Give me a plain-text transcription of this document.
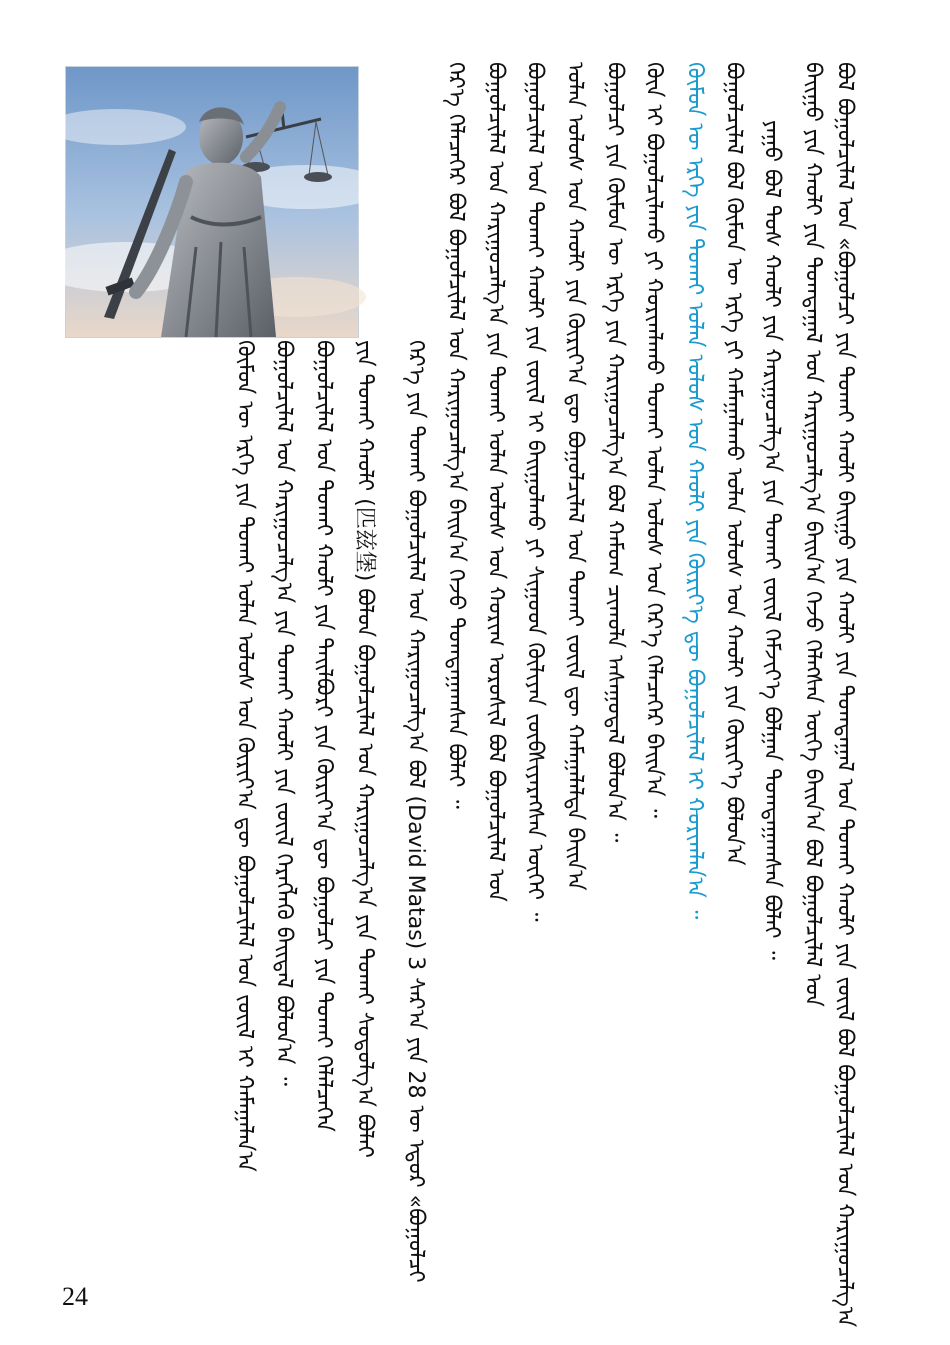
ᠪᠣᠯ ᠪᠣᠭᠣᠯᠴᠢᠯᠠᠯ ᠤᠨ «ᠪᠣᠭᠣᠯᠴᠢ ᠶᠢᠨ ᠲᠤᠬᠠᠢ ᠬᠠᠤᠯᠢ ᠪᠠᠢᠭᠤ ᠶᠢᠨ ᠬᠠᠤᠯᠢ ᠶᠢᠨ ᠲᠣᠭᠲᠠᠭᠠᠯ ᠤᠨ ᠲᠤᠬᠠᠢ ᠬᠠᠤᠯᠢ ᠶᠢᠨ ᠵᠦᠢᠯ ᠪᠣᠯ ᠪᠣᠭᠣᠯᠴᠢᠯᠠᠯ ᠤᠨ ᠬᠠᠷᠢᠭᠤᠴᠠᠯᠭ᠎ᠠ
ᠪᠠᠢᠭᠤ ᠶᠢᠨ ᠬᠠᠤᠯᠢ ᠶᠢᠨ ᠲᠣᠭᠲᠠᠭᠠᠯ ᠤᠨ ᠬᠠᠷᠢᠭᠤᠴᠠᠯᠭ᠎ᠠ ᠪᠠᠢᠨ᠎ᠠ ᠭᠡᠵᠦ ᠬᠡᠯᠡᠭᠰᠡᠨ ᠦᠭᠡ ᠪᠠᠢᠨ᠎ᠠ ᠪᠣᠯ ᠪᠣᠭᠣᠯᠴᠢᠯᠠᠯ ᠤᠨ
ᠶᠠᠭᠤ ᠪᠣᠯ ᠲᠤᠰ ᠬᠠᠤᠯᠢ ᠶᠢᠨ ᠬᠠᠷᠢᠭᠤᠴᠠᠯᠭ᠎ᠠ ᠶᠢᠨ ᠲᠤᠬᠠᠢ ᠵᠦᠢᠯ ᠬᠡᠮᠵᠢᠶ᠎ᠡ ᠪᠣᠯᠭᠠᠨ ᠲᠣᠭᠲᠠᠭᠠᠭᠰᠠᠨ ᠪᠣᠯᠠᠢ ᠃
ᠪᠣᠭᠣᠯᠴᠢᠯᠠᠯ ᠪᠣᠯ ᠬᠦᠮᠦᠨ ᠦ ᠡᠷᠬᠡ ᠶᠢ ᠬᠠᠮᠠᠭᠠᠯᠠᠬᠤ ᠣᠯᠠᠨ ᠤᠯᠤᠰ ᠤᠨ ᠬᠠᠤᠯᠢ ᠶᠢᠨ ᠬᠦᠷᠢᠶ᠎ᠡ ᠪᠣᠯᠤᠨ᠎ᠠ
ᠬᠦᠮᠦᠨ ᠦ ᠡᠷᠬᠡ ᠶᠢᠨ ᠲᠤᠬᠠᠢ ᠣᠯᠠᠨ ᠤᠯᠤᠰ ᠤᠨ ᠬᠠᠤᠯᠢ ᠶᠢᠨ ᠬᠦᠷᠢᠶ᠎ᠡ ᠳᠦ ᠪᠣᠭᠣᠯᠴᠢᠯᠠᠯ ᠢ ᠬᠣᠷᠢᠭᠯᠠᠨ᠎ᠠ ᠃
ᠬᠦᠨ ᠢ ᠪᠣᠭᠣᠯᠴᠢᠯᠠᠬᠤ ᠶᠢ ᠬᠣᠷᠢᠭᠯᠠᠬᠤ ᠲᠤᠬᠠᠢ ᠣᠯᠠᠨ ᠤᠯᠤᠰ ᠤᠨ ᠭᠡᠷ᠎ᠡ ᠬᠡᠯᠡᠴᠡᠭᠡᠷ ᠪᠠᠢᠨ᠎ᠠ ᠃
ᠪᠣᠭᠣᠯᠴᠢ ᠶᠢᠨ ᠬᠦᠮᠦᠨ ᠦ ᠡᠷᠬᠡ ᠶᠢᠨ ᠬᠠᠷᠢᠭᠤᠴᠠᠯᠭ᠎ᠠ ᠪᠣᠯ ᠬᠠᠮᠤᠭ ᠴᠢᠬᠤᠯᠠ ᠠᠰᠠᠭᠤᠳᠠᠯ ᠪᠣᠯᠤᠨ᠎ᠠ ᠃
ᠣᠯᠠᠨ ᠤᠯᠤᠰ ᠤᠨ ᠬᠠᠤᠯᠢ ᠶᠢᠨ ᠬᠦᠷᠢᠶ᠎ᠡᠨ ᠳᠦ ᠪᠣᠭᠣᠯᠴᠢᠯᠠᠯ ᠤᠨ ᠲᠤᠬᠠᠢ ᠵᠦᠢᠯ ᠳᠦ ᠬᠠᠮᠠᠭᠠᠯᠠᠯᠲᠠ ᠪᠠᠢᠨ᠎ᠠ
ᠪᠣᠭᠣᠯᠴᠢᠯᠠᠯ ᠤᠨ ᠲᠤᠬᠠᠢ ᠬᠠᠤᠯᠢ ᠶᠢᠨ ᠵᠦᠢᠯ ᠢ ᠪᠠᠢᠭᠤᠯᠬᠤ ᠶᠢ ᠰᠢᠭᠤᠳ ᠬᠦᠯᠢᠶᠡᠨ ᠵᠥᠪᠰᠢᠶᠡᠷᠡᠭᠰᠡᠨ ᠦᠭᠡᠢ ᠃
ᠪᠣᠭᠣᠯᠴᠢᠯᠠᠯ ᠤᠨ ᠬᠠᠷᠢᠭᠤᠴᠠᠯᠭ᠎ᠠ ᠶᠢᠨ ᠲᠤᠬᠠᠢ ᠣᠯᠠᠨ ᠤᠯᠤᠰ ᠤᠨ ᠬᠣᠷᠢᠭ ᠣᠷᠣᠰᠢᠯ ᠪᠣᠯ ᠪᠣᠭᠣᠯᠴᠢᠯᠠᠯ ᠤᠨ
ᠭᠡᠷ᠎ᠡ ᠬᠡᠯᠡᠴᠡᠭᠡᠷ ᠪᠣᠯ ᠪᠣᠭᠣᠯᠴᠢᠯᠠᠯ ᠤᠨ ᠬᠠᠷᠢᠭᠤᠴᠠᠯᠭ᠎ᠠ ᠪᠠᠢᠨ᠎ᠠ ᠭᠡᠵᠦ ᠲᠣᠭᠲᠠᠭᠠᠭᠰᠠᠨ ᠪᠣᠯᠠᠢ ᠃
ᠭᠡᠷ᠎ᠡ ᠶᠢᠨ ᠲᠤᠬᠠᠢ ᠪᠣᠭᠣᠯᠴᠢᠯᠠᠯ ᠤᠨ ᠬᠠᠷᠢᠭᠤᠴᠠᠯᠭ᠎ᠠ ᠪᠣᠯ (David Matas) 3 ᠰᠠᠷ᠎ᠠ ᠶᠢᠨ 28 ᠦ ᠡᠳᠦᠷ «ᠪᠣᠭᠣᠯᠴᠢ
ᠶᠢᠨ ᠲᠤᠬᠠᠢ ᠬᠠᠤᠯᠢ (匹兹堡) ᠪᠣᠯᠤᠨ ᠪᠣᠭᠣᠯᠴᠢᠯᠠᠯ ᠤᠨ ᠬᠠᠷᠢᠭᠤᠴᠠᠯᠭ᠎ᠠ ᠶᠢᠨ ᠲᠤᠬᠠᠢ ᠰᠤᠳᠤᠯᠭ᠎ᠠ ᠪᠣᠯᠠᠢ
ᠪᠣᠭᠣᠯᠴᠢᠯᠠᠯ ᠤᠨ ᠲᠤᠬᠠᠢ ᠬᠠᠤᠯᠢ ᠶᠢᠨ ᠲᠠᠢᠯᠪᠤᠷᠢ ᠶᠢᠨ ᠬᠦᠷᠢᠶ᠎ᠡᠨ ᠳᠦ ᠪᠣᠭᠣᠯᠴᠢ ᠶᠢᠨ ᠲᠤᠬᠠᠢ ᠬᠡᠯᠡᠯᠴᠡᠭᠡᠨ
ᠪᠣᠭᠣᠯᠴᠢᠯᠠᠯ ᠤᠨ ᠬᠠᠷᠢᠭᠤᠴᠠᠯᠭ᠎ᠠ ᠶᠢᠨ ᠲᠤᠬᠠᠢ ᠬᠠᠤᠯᠢ ᠶᠢᠨ ᠵᠦᠢᠯ ᠬᠡᠷᠡᠭᠯᠡᠬᠦ ᠪᠠᠢᠳᠠᠯ ᠪᠣᠯᠤᠨ᠎ᠠ ᠃
ᠬᠦᠮᠦᠨ ᠦ ᠡᠷᠬᠡ ᠶᠢᠨ ᠲᠤᠬᠠᠢ ᠣᠯᠠᠨ ᠤᠯᠤᠰ ᠤᠨ ᠬᠦᠷᠢᠶ᠎ᠡᠨ ᠳᠦ ᠪᠣᠭᠣᠯᠴᠢᠯᠠᠯ ᠤᠨ ᠵᠦᠢᠯ ᠢ ᠬᠠᠮᠠᠭᠠᠯᠠᠨ᠎ᠠ
24
